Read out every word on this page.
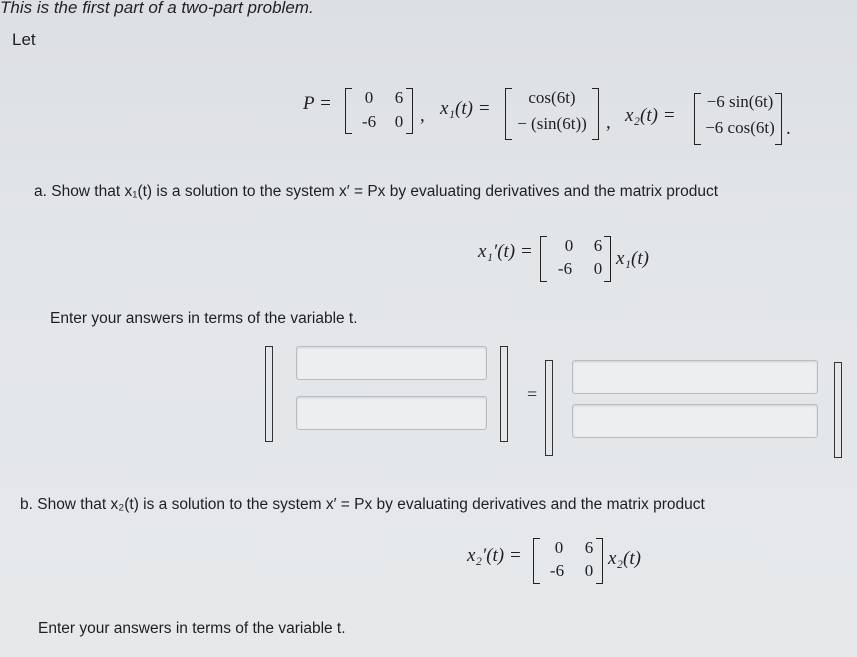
This is the first part of a two-part problem.
Let
P = 0 6
-6	0 , x₁(t) =
cos(6t)
− (sin(6t)) , x₂(t) =
−6 sin(6t)
−6 cos(6t) .
a. Show that x₁(t) is a solution to the system x′ = Px by evaluating derivatives and the matrix product
x₁′(t) = 0 6
-6	0 x₁(t)
Enter your answers in terms of the variable t.
=
b. Show that x₂(t) is a solution to the system x′ = Px by evaluating derivatives and the matrix product
x₂′(t) = 0 6
-6	0
x₂(t)
Enter your answers in terms of the variable t.
